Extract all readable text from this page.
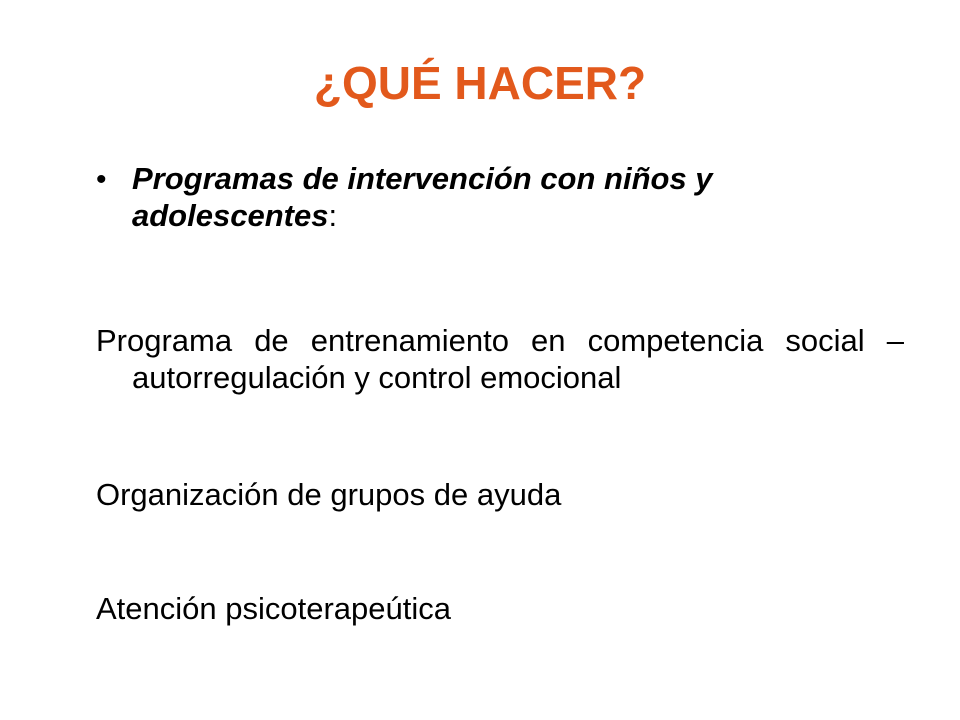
¿QUÉ HACER?
• Programas de intervención con niños y adolescentes:

Programa de entrenamiento en competencia social – autorregulación y control emocional

Organización de grupos de ayuda

Atención psicoterapeútica
